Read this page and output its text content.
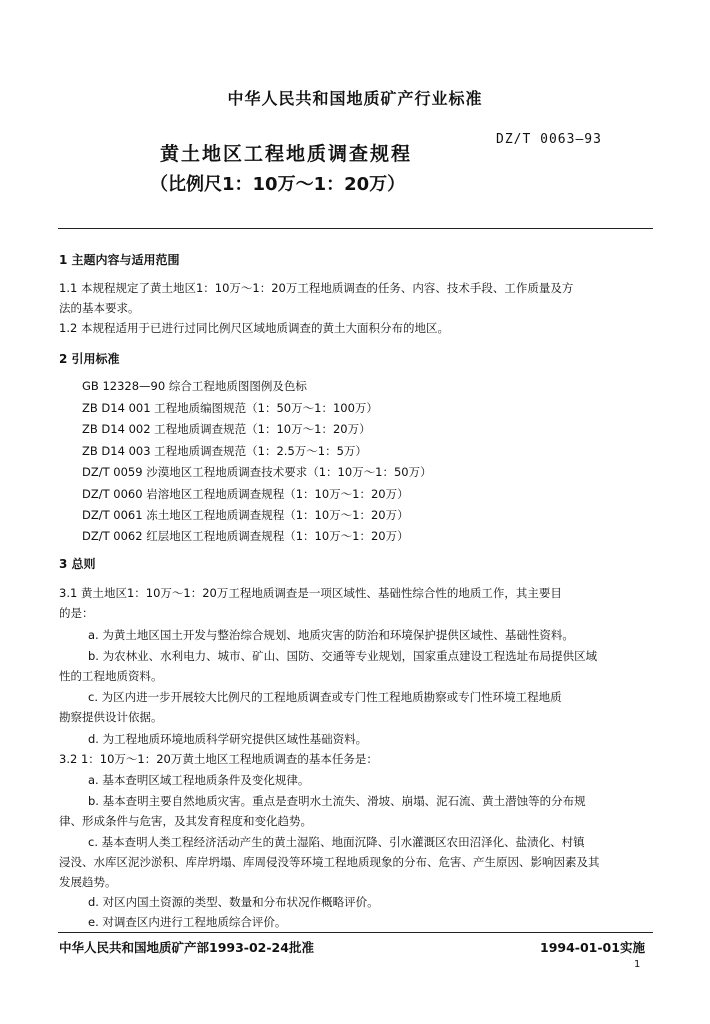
中华人民共和国地质矿产行业标准
黄土地区工程地质调查规程
（比例尺1：10万～1：20万）
DZ/T 0063—93
1 主题内容与适用范围
1.1 本规程规定了黄土地区1：10万～1：20万工程地质调查的任务、内容、技术手段、工作质量及方
法的基本要求。
1.2 本规程适用于已进行过同比例尺区域地质调查的黄土大面积分布的地区。
2 引用标准
GB 12328—90 综合工程地质图图例及色标
ZB D14 001 工程地质编图规范（1：50万～1：100万）
ZB D14 002 工程地质调查规范（1：10万～1：20万）
ZB D14 003 工程地质调查规范（1：2.5万～1：5万）
DZ/T 0059 沙漠地区工程地质调查技术要求（1：10万～1：50万）
DZ/T 0060 岩溶地区工程地质调查规程（1：10万～1：20万）
DZ/T 0061 冻土地区工程地质调查规程（1：10万～1：20万）
DZ/T 0062 红层地区工程地质调查规程（1：10万～1：20万）
3 总则
3.1 黄土地区1：10万～1：20万工程地质调查是一项区域性、基础性综合性的地质工作，其主要目
的是：
a. 为黄土地区国土开发与整治综合规划、地质灾害的防治和环境保护提供区域性、基础性资料。
b. 为农林业、水利电力、城市、矿山、国防、交通等专业规划，国家重点建设工程选址布局提供区域
性的工程地质资料。
c. 为区内进一步开展较大比例尺的工程地质调查或专门性工程地质勘察或专门性环境工程地质
勘察提供设计依据。
d. 为工程地质环境地质科学研究提供区域性基础资料。
3.2 1：10万～1：20万黄土地区工程地质调查的基本任务是：
a. 基本查明区域工程地质条件及变化规律。
b. 基本查明主要自然地质灾害。重点是查明水土流失、滑坡、崩塌、泥石流、黄土潜蚀等的分布规
律、形成条件与危害，及其发育程度和变化趋势。
c. 基本查明人类工程经济活动产生的黄土湿陷、地面沉降、引水灌溉区农田沼泽化、盐渍化、村镇
浸没、水库区泥沙淤积、库岸坍塌、库周侵没等环境工程地质现象的分布、危害、产生原因、影响因素及其
发展趋势。
d. 对区内国土资源的类型、数量和分布状况作概略评价。
e. 对调查区内进行工程地质综合评价。
中华人民共和国地质矿产部1993-02-24批准	1994-01-01实施
1
